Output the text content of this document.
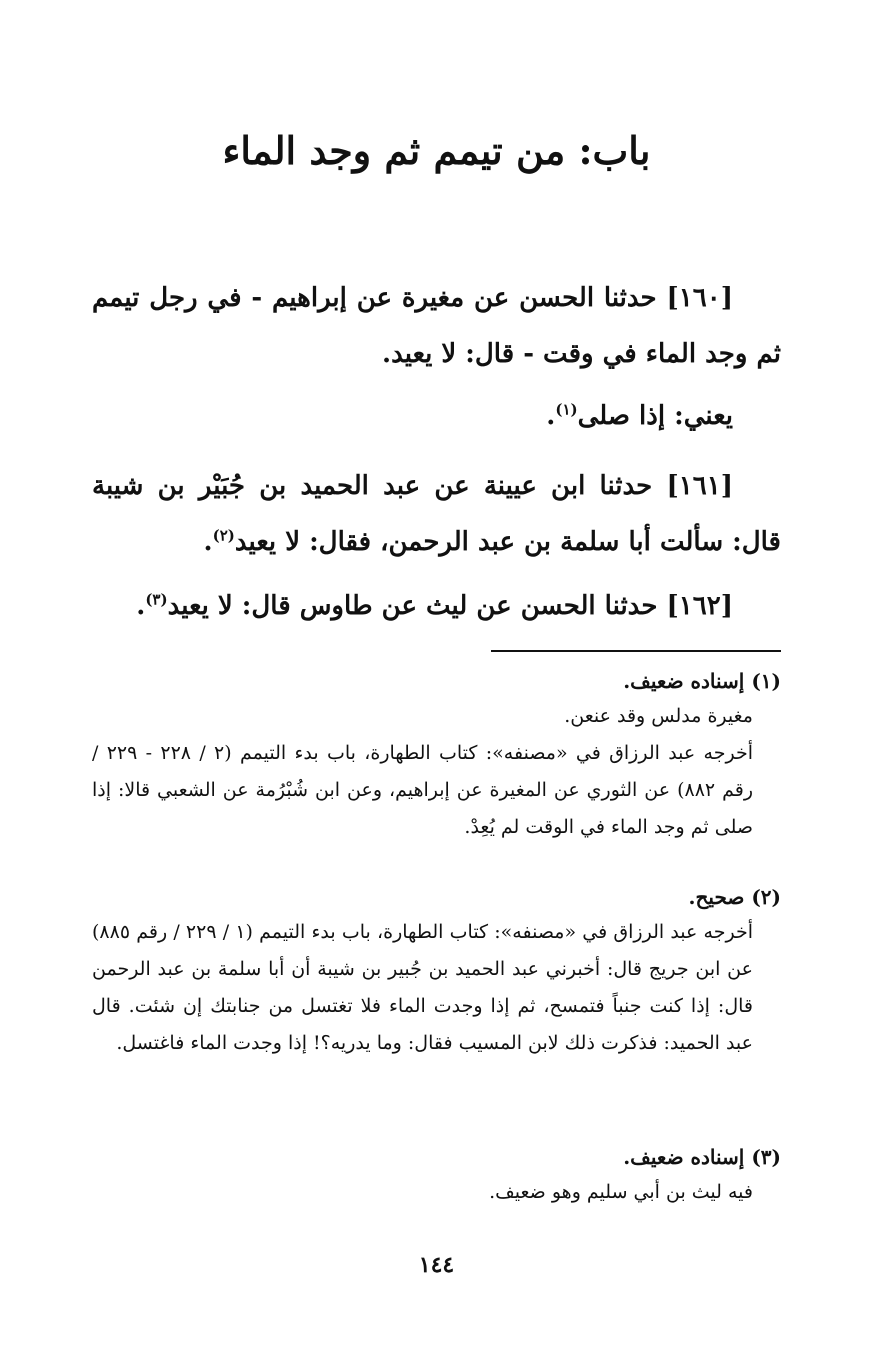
باب: من تيمم ثم وجد الماء

[١٦٠] حدثنا الحسن عن مغيرة عن إبراهيم - في رجل تيمم ثم وجد الماء في وقت - قال: لا يعيد.

يعني: إذا صلى$^{(١)}$.

[١٦١] حدثنا ابن عيينة عن عبد الحميد بن جُبَيْر بن شيبة قال: سألت أبا سلمة بن عبد الرحمن، فقال: لا يعيد$^{(٢)}$.

[١٦٢] حدثنا الحسن عن ليث عن طاوس قال: لا يعيد$^{(٣)}$.

(١) إسناده ضعيف.

مغيرة مدلس وقد عنعن.

أخرجه عبد الرزاق في «مصنفه»: كتاب الطهارة، باب بدء التيمم (٢ / ٢٢٨ - ٢٢٩ / رقم ٨٨٢) عن الثوري عن المغيرة عن إبراهيم، وعن ابن شُبْرُمة عن الشعبي قالا: إذا صلى ثم وجد الماء في الوقت لم يُعِدْ.

(٢) صحيح.

أخرجه عبد الرزاق في «مصنفه»: كتاب الطهارة، باب بدء التيمم (١ / ٢٢٩ / رقم ٨٨٥) عن ابن جريج قال: أخبرني عبد الحميد بن جُبير بن شيبة أن أبا سلمة بن عبد الرحمن قال: إذا كنت جنباً فتمسح، ثم إذا وجدت الماء فلا تغتسل من جنابتك إن شئت. قال عبد الحميد: فذكرت ذلك لابن المسيب فقال: وما يدريه؟! إذا وجدت الماء فاغتسل.

(٣) إسناده ضعيف.

فيه ليث بن أبي سليم وهو ضعيف.

١٤٤
